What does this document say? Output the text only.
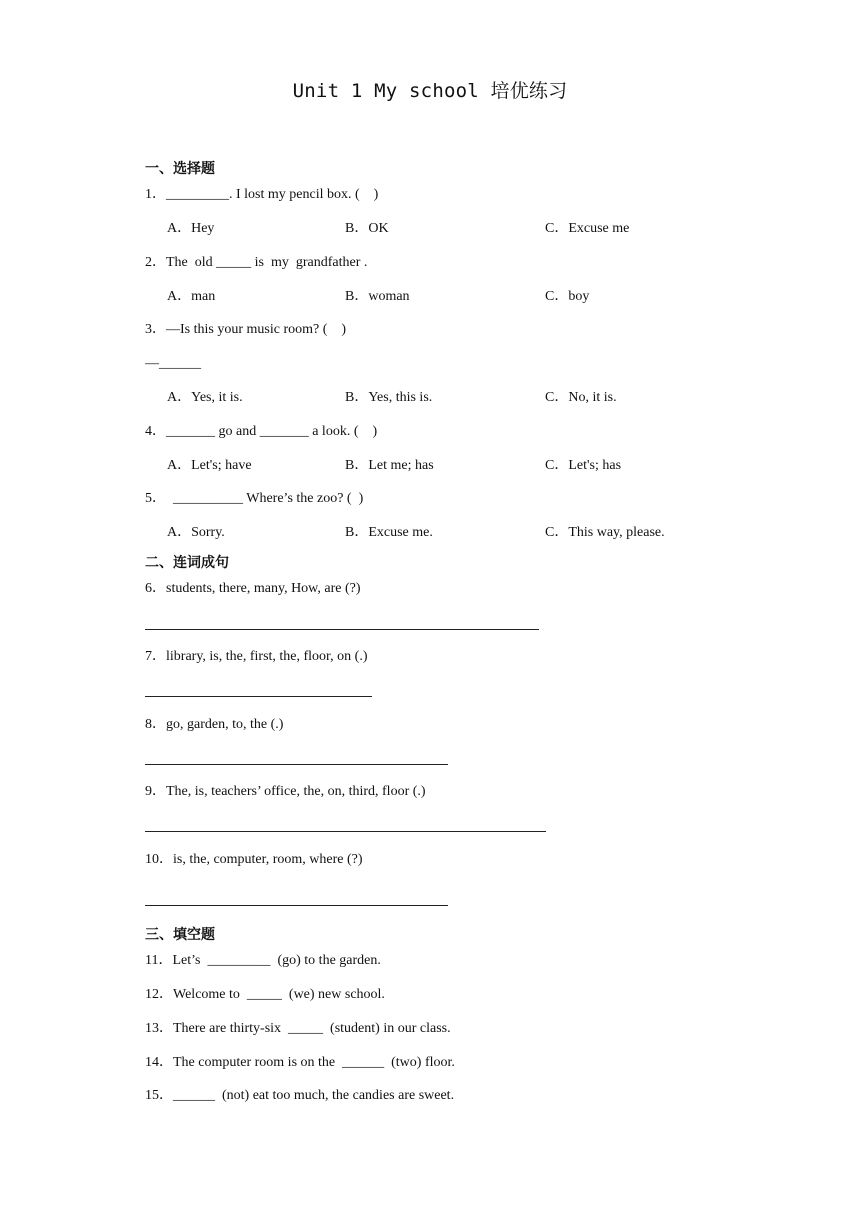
Unit 1 My school 培优练习
一、选择题
1．_________. I lost my pencil box. (    )
A．Hey	B．OK	C．Excuse me
2．The  old _____ is  my  grandfather .
A．man	B．woman	C．boy
3．—Is this your music room? (    )
—______
A．Yes, it is.	B．Yes, this is.	C．No, it is.
4．_______ go and _______ a look. (    )
A．Let's; have	B．Let me; has	C．Let's; has
5．  __________ Where’s the zoo? (  )
A．Sorry.	B．Excuse me.	C．This way, please.
二、连词成句
6．students, there, many, How, are (?)
7．library, is, the, first, the, floor, on (.)
8．go, garden, to, the (.)
9．The, is, teachers’ office, the, on, third, floor (.)
10．is, the, computer, room, where (?)
三、填空题
11．Let’s  _________  (go) to the garden.
12．Welcome to  _____  (we) new school.
13．There are thirty-six  _____  (student) in our class.
14．The computer room is on the  ______  (two) floor.
15．______  (not) eat too much, the candies are sweet.
